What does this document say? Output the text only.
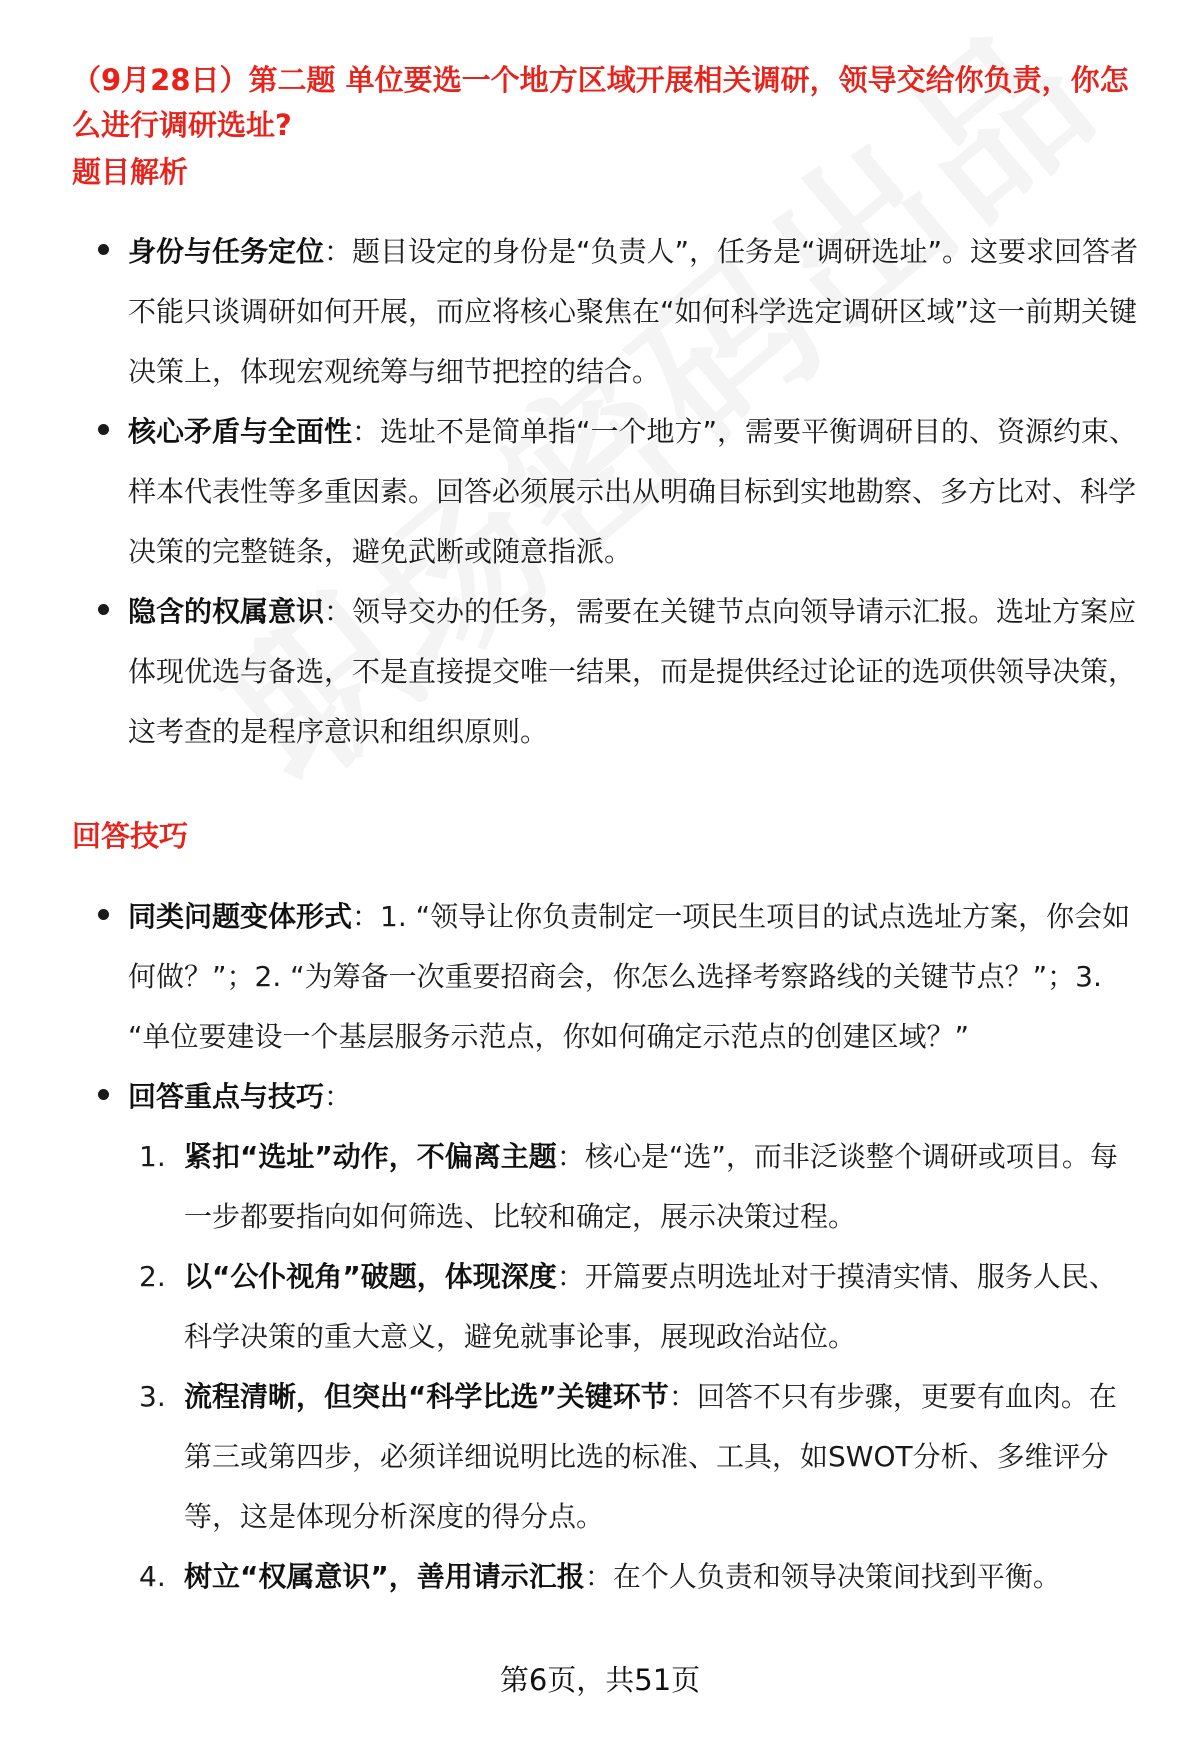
（9月28日）第二题 单位要选一个地方区域开展相关调研，领导交给你负责，你怎么进行调研选址?

题目解析

身份与任务定位：题目设定的身份是“负责人”，任务是“调研选址”。这要求回答者不能只谈调研如何开展，而应将核心聚焦在“如何科学选定调研区域”这一前期关键决策上，体现宏观统筹与细节把控的结合。

核心矛盾与全面性：选址不是简单指“一个地方”，需要平衡调研目的、资源约束、样本代表性等多重因素。回答必须展示出从明确目标到实地勘察、多方比对、科学决策的完整链条，避免武断或随意指派。

隐含的权属意识：领导交办的任务，需要在关键节点向领导请示汇报。选址方案应体现优选与备选，不是直接提交唯一结果，而是提供经过论证的选项供领导决策，这考查的是程序意识和组织原则。

回答技巧

同类问题变体形式：1. “领导让你负责制定一项民生项目的试点选址方案，你会如何做？”；2. “为筹备一次重要招商会，你怎么选择考察路线的关键节点？”；3. “单位要建设一个基层服务示范点，你如何确定示范点的创建区域？”

回答重点与技巧：

1. 紧扣“选址”动作，不偏离主题：核心是“选”，而非泛谈整个调研或项目。每一步都要指向如何筛选、比较和确定，展示决策过程。
2. 以“公仆视角”破题，体现深度：开篇要点明选址对于摸清实情、服务人民、科学决策的重大意义，避免就事论事，展现政治站位。
3. 流程清晰，但突出“科学比选”关键环节：回答不只有步骤，更要有血肉。在第三或第四步，必须详细说明比选的标准、工具，如SWOT分析、多维评分等，这是体现分析深度的得分点。
4. 树立“权属意识”，善用请示汇报：在个人负责和领导决策间找到平衡。
第6页，共51页
